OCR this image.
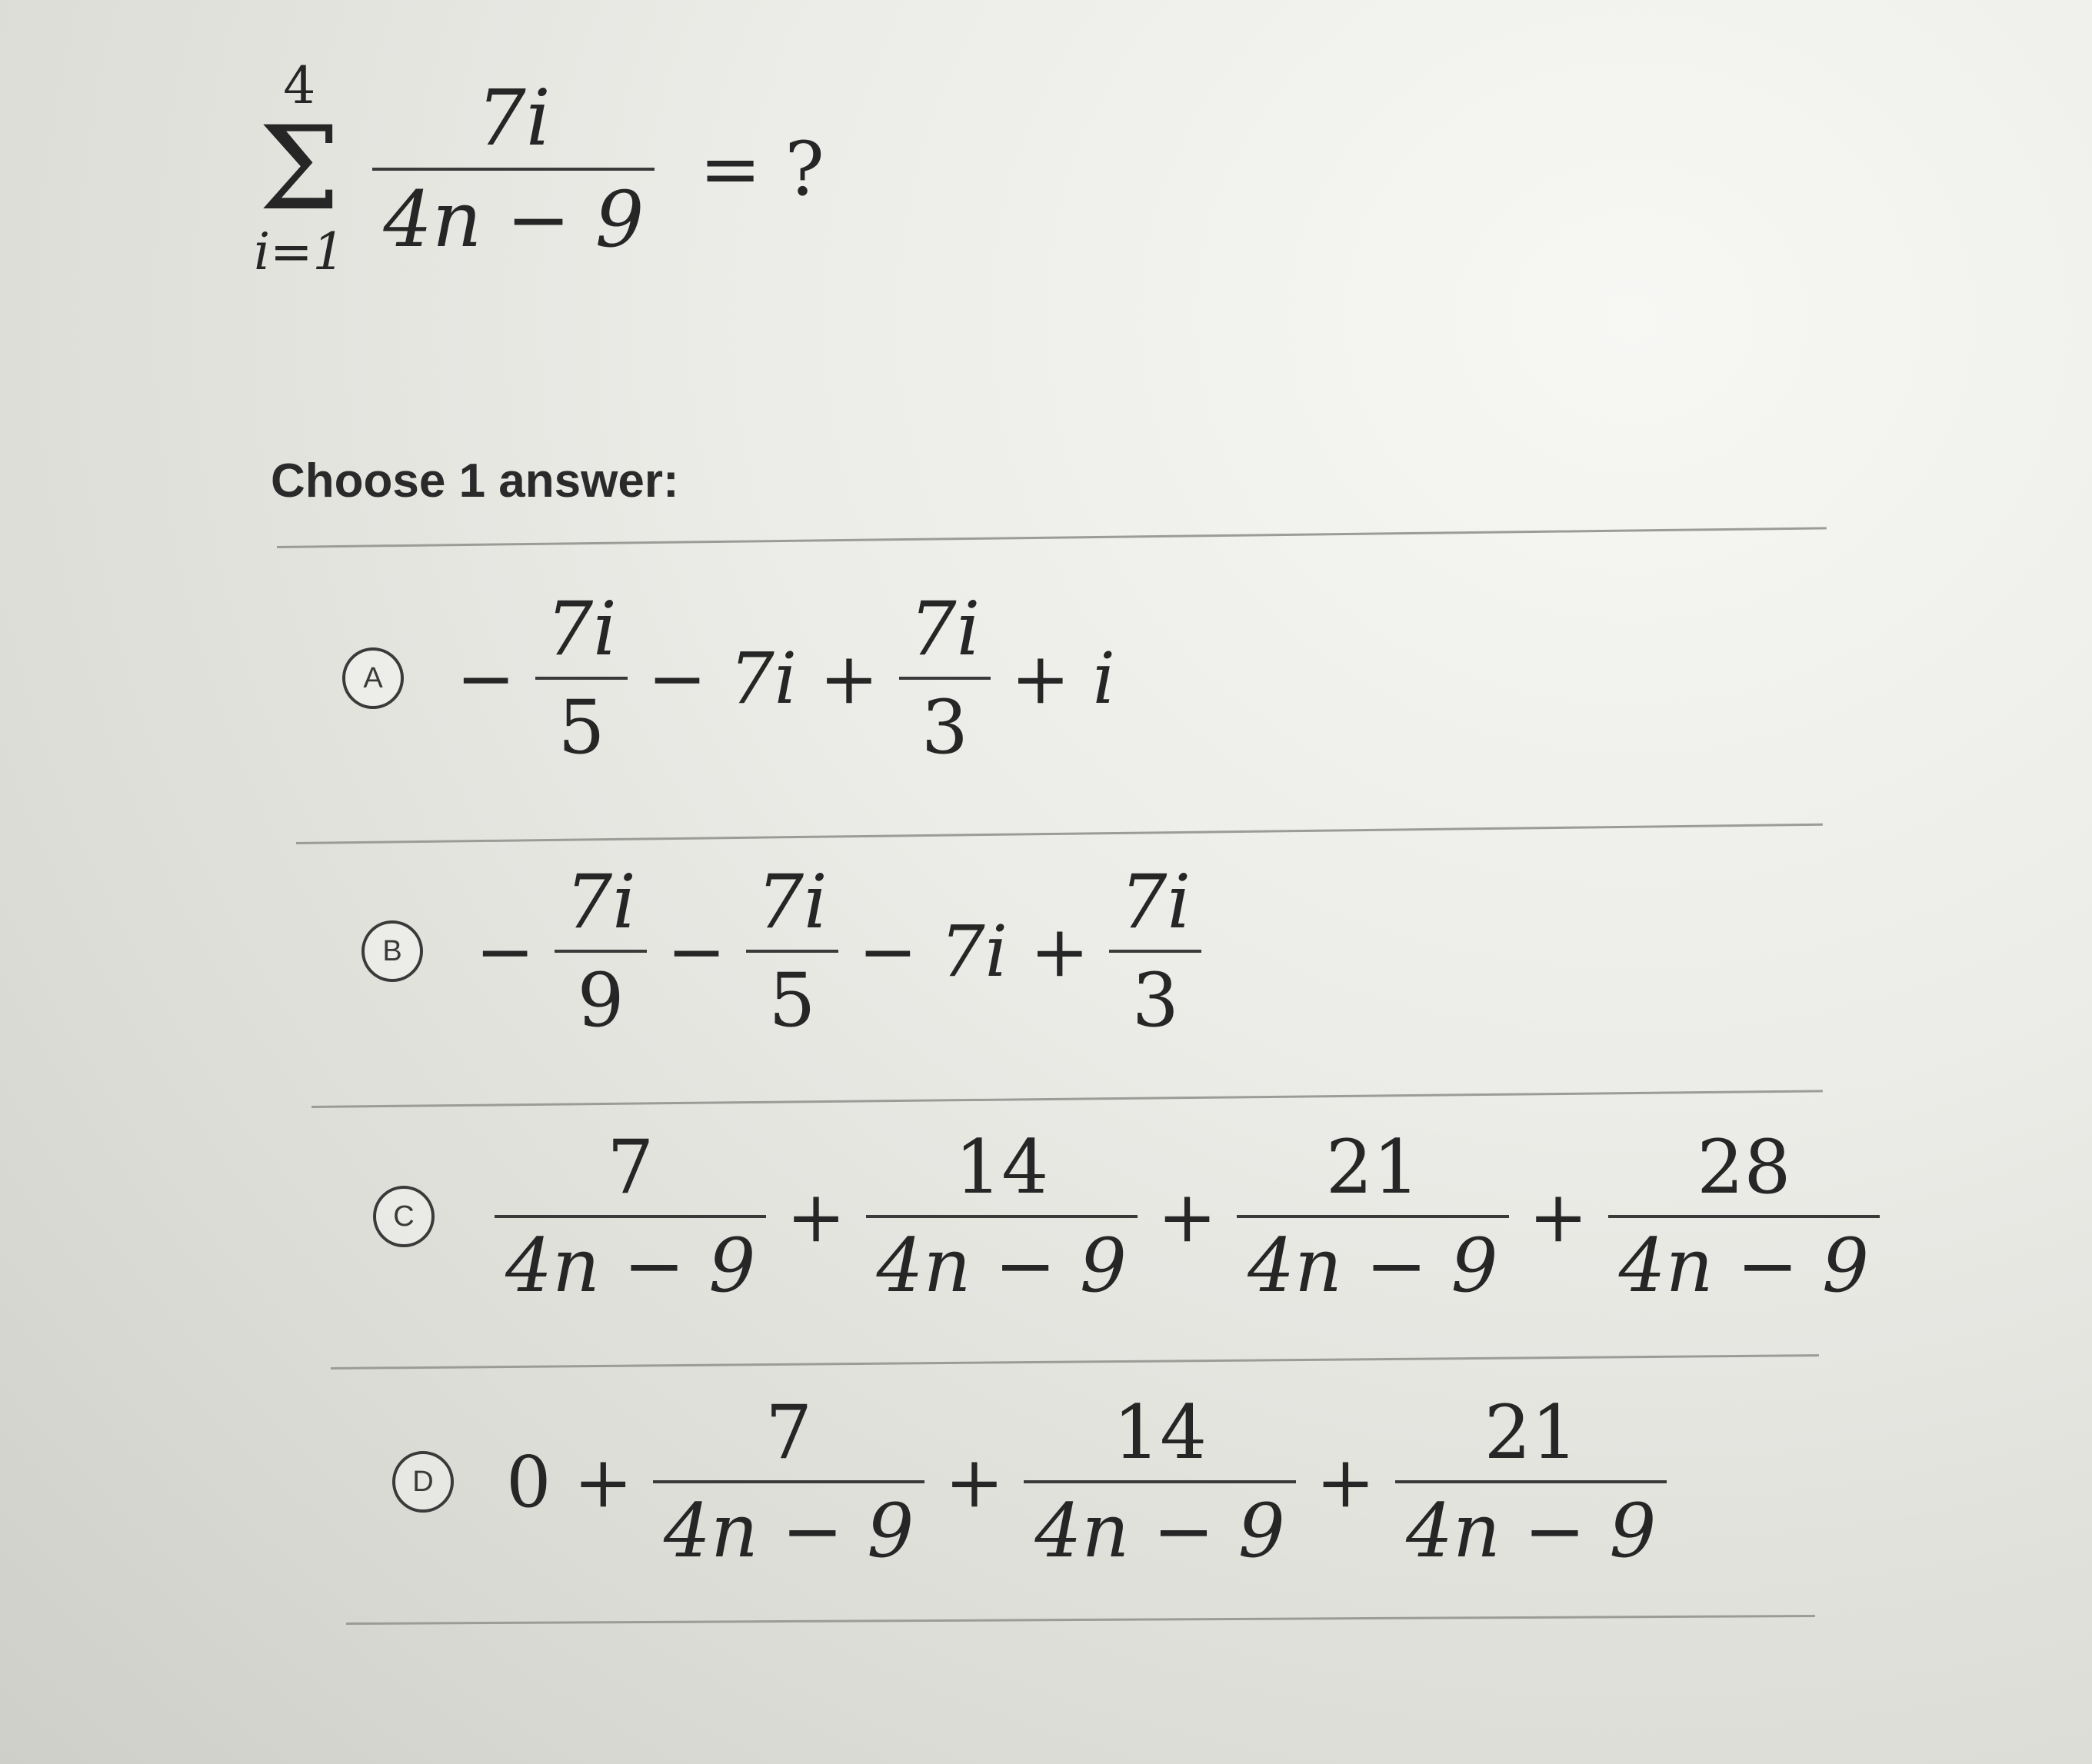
4
Σ
$i=1 \frac{7i}{4n - 9}$ = ?
Choose 1 answer:
$A - \frac{7i}{5} - 7i + \frac{7i}{3} + i$
$B - \frac{7i}{9} - \frac{7i}{5} - 7i + \frac{7i}{3}$
C $\frac{7}{4n - 9} + \frac{14}{4n - 9} + \frac{21}{4n - 9} + \frac{28}{4n - 9}$
D $0 + \frac{7}{4n - 9} + \frac{14}{4n - 9} + \frac{21}{4n - 9}$
